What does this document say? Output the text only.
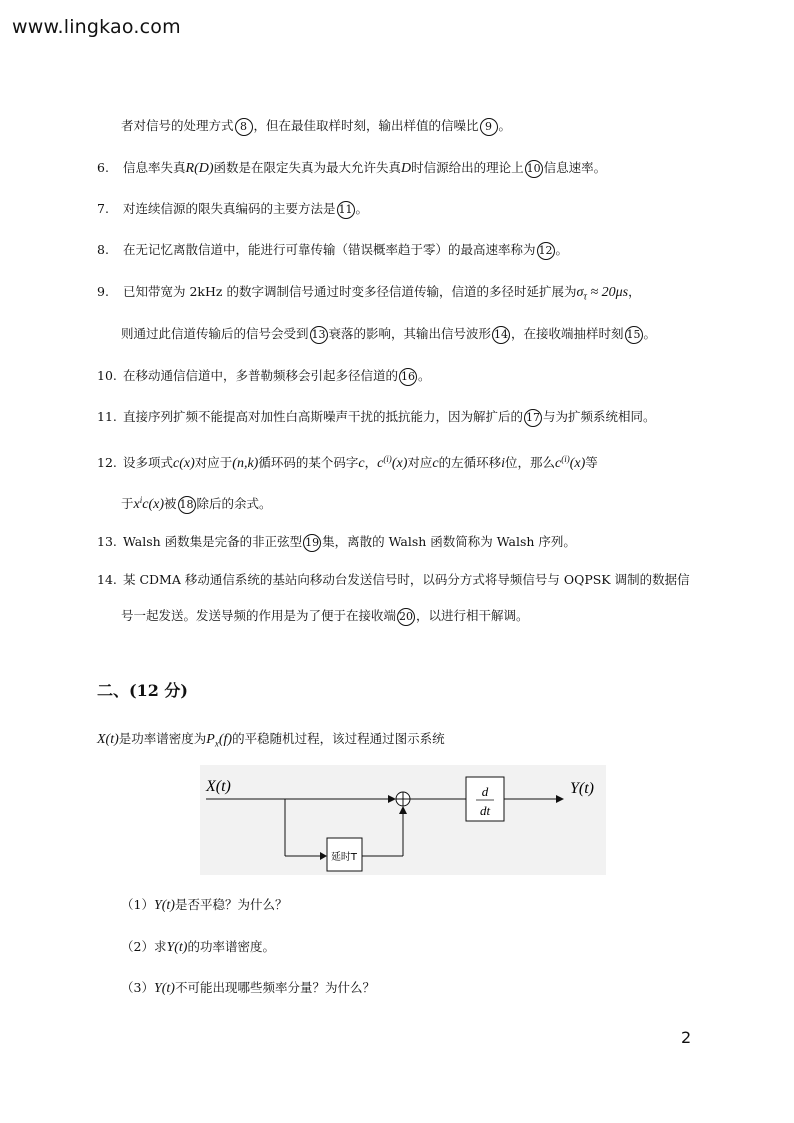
www.lingkao.com
者对信号的处理方式 8 ，但在最佳取样时刻，输出样值的信噪比 9 。
6. 信息率失真R(D)函数是在限定失真为最大允许失真D时信源给出的理论上 10 信息速率。
7. 对连续信源的限失真编码的主要方法是 11 。
8. 在无记忆离散信道中，能进行可靠传输（错误概率趋于零）的最高速率称为 12 。
9. 已知带宽为 2kHz 的数字调制信号通过时变多径信道传输，信道的多径时延扩展为$\sigma_\tau \approx 20\mu s$，
则通过此信道传输后的信号会受到 13 衰落的影响，其输出信号波形 14 ，在接收端抽样时刻 15 。
10. 在移动通信信道中，多普勒频移会引起多径信道的 16 。
11. 直接序列扩频不能提高对加性白高斯噪声干扰的抵抗能力，因为解扩后的 17 与为扩频系统相同。
12. 设多项式c(x)对应于(n,k)循环码的某个码字c，$c^{(i)}(x)$对应c的左循环移i位，那么$c^{(i)}(x)$等
于$x^ic(x)$被 18 除后的余式。
13. Walsh 函数集是完备的非正弦型 19 集，离散的 Walsh 函数简称为 Walsh 序列。
14. 某 CDMA 移动通信系统的基站向移动台发送信号时，以码分方式将导频信号与 OQPSK 调制的数据信
号一起发送。发送导频的作用是为了便于在接收端 20 ，以进行相干解调。
二、(12 分)
X(t)是功率谱密度为$P_x(f)$的平稳随机过程，该过程通过图示系统
X(t)	Y(t)
d
dt
延时T
（1）Y(t)是否平稳？为什么？
（2）求Y(t)的功率谱密度。
（3）Y(t)不可能出现哪些频率分量？为什么？
2
